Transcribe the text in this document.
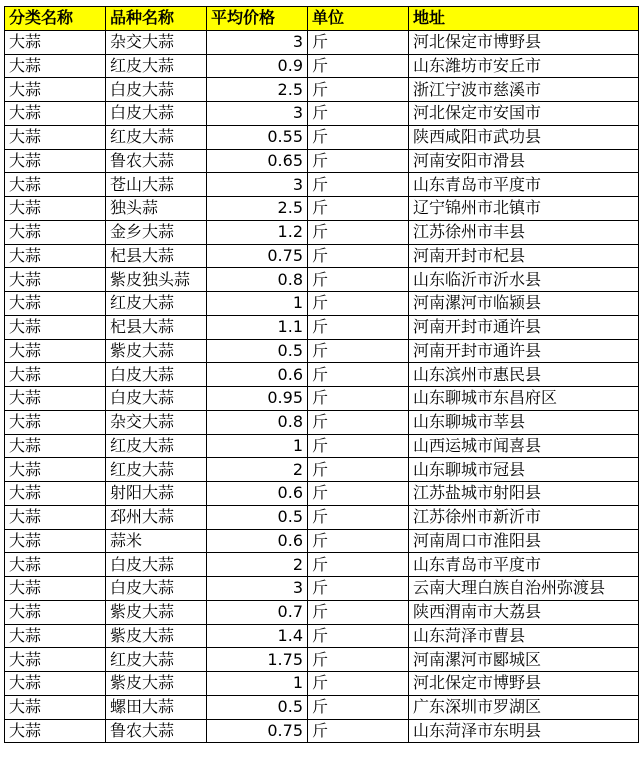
分类名称	品种名称	平均价格	单位	地址
大蒜	杂交大蒜	3	斤	河北保定市博野县
大蒜	红皮大蒜	0.9	斤	山东潍坊市安丘市
大蒜	白皮大蒜	2.5	斤	浙江宁波市慈溪市
大蒜	白皮大蒜	3	斤	河北保定市安国市
大蒜	红皮大蒜	0.55	斤	陕西咸阳市武功县
大蒜	鲁农大蒜	0.65	斤	河南安阳市滑县
大蒜	苍山大蒜	3	斤	山东青岛市平度市
大蒜	独头蒜	2.5	斤	辽宁锦州市北镇市
大蒜	金乡大蒜	1.2	斤	江苏徐州市丰县
大蒜	杞县大蒜	0.75	斤	河南开封市杞县
大蒜	紫皮独头蒜	0.8	斤	山东临沂市沂水县
大蒜	红皮大蒜	1	斤	河南漯河市临颍县
大蒜	杞县大蒜	1.1	斤	河南开封市通许县
大蒜	紫皮大蒜	0.5	斤	河南开封市通许县
大蒜	白皮大蒜	0.6	斤	山东滨州市惠民县
大蒜	白皮大蒜	0.95	斤	山东聊城市东昌府区
大蒜	杂交大蒜	0.8	斤	山东聊城市莘县
大蒜	红皮大蒜	1	斤	山西运城市闻喜县
大蒜	红皮大蒜	2	斤	山东聊城市冠县
大蒜	射阳大蒜	0.6	斤	江苏盐城市射阳县
大蒜	邳州大蒜	0.5	斤	江苏徐州市新沂市
大蒜	蒜米	0.6	斤	河南周口市淮阳县
大蒜	白皮大蒜	2	斤	山东青岛市平度市
大蒜	白皮大蒜	3	斤	云南大理白族自治州弥渡县
大蒜	紫皮大蒜	0.7	斤	陕西渭南市大荔县
大蒜	紫皮大蒜	1.4	斤	山东菏泽市曹县
大蒜	红皮大蒜	1.75	斤	河南漯河市郾城区
大蒜	紫皮大蒜	1	斤	河北保定市博野县
大蒜	螺田大蒜	0.5	斤	广东深圳市罗湖区
大蒜	鲁农大蒜	0.75	斤	山东菏泽市东明县
